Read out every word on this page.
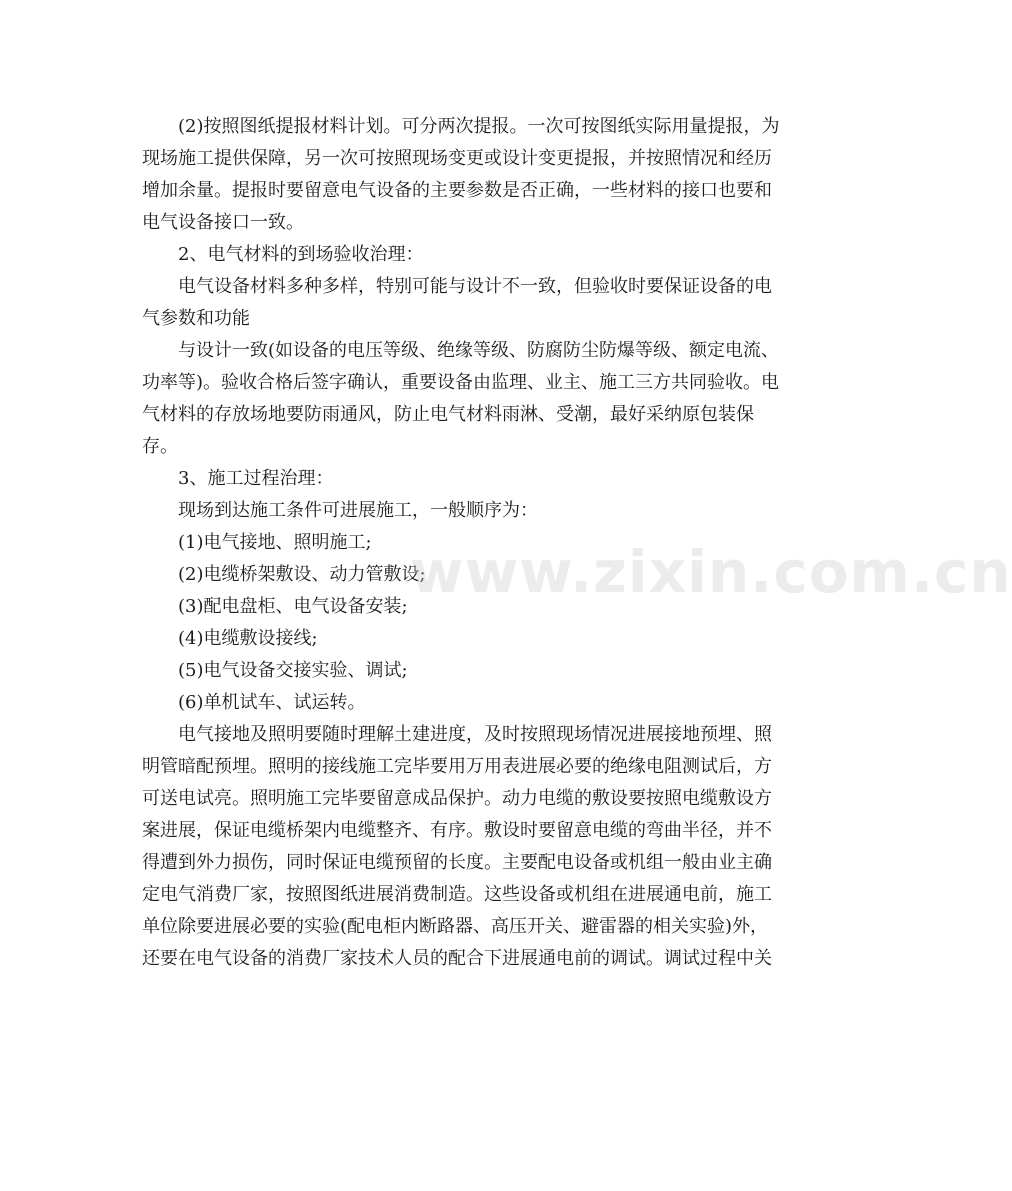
(2)按照图纸提报材料计划。可分两次提报。一次可按图纸实际用量提报，为现场施工提供保障，另一次可按照现场变更或设计变更提报，并按照情况和经历增加余量。提报时要留意电气设备的主要参数是否正确，一些材料的接口也要和电气设备接口一致。

2、电气材料的到场验收治理：

电气设备材料多种多样，特别可能与设计不一致，但验收时要保证设备的电气参数和功能

与设计一致(如设备的电压等级、绝缘等级、防腐防尘防爆等级、额定电流、功率等)。验收合格后签字确认，重要设备由监理、业主、施工三方共同验收。电气材料的存放场地要防雨通风，防止电气材料雨淋、受潮，最好采纳原包装保存。

3、施工过程治理：

现场到达施工条件可进展施工，一般顺序为：

(1)电气接地、照明施工;

(2)电缆桥架敷设、动力管敷设;

(3)配电盘柜、电气设备安装;

(4)电缆敷设接线;

(5)电气设备交接实验、调试;

(6)单机试车、试运转。

电气接地及照明要随时理解土建进度，及时按照现场情况进展接地预埋、照明管暗配预埋。照明的接线施工完毕要用万用表进展必要的绝缘电阻测试后，方可送电试亮。照明施工完毕要留意成品保护。动力电缆的敷设要按照电缆敷设方案进展，保证电缆桥架内电缆整齐、有序。敷设时要留意电缆的弯曲半径，并不得遭到外力损伤，同时保证电缆预留的长度。主要配电设备或机组一般由业主确定电气消费厂家，按照图纸进展消费制造。这些设备或机组在进展通电前，施工单位除要进展必要的实验(配电柜内断路器、高压开关、避雷器的相关实验)外，还要在电气设备的消费厂家技术人员的配合下进展通电前的调试。调试过程中关

www.zixin.com.cn
